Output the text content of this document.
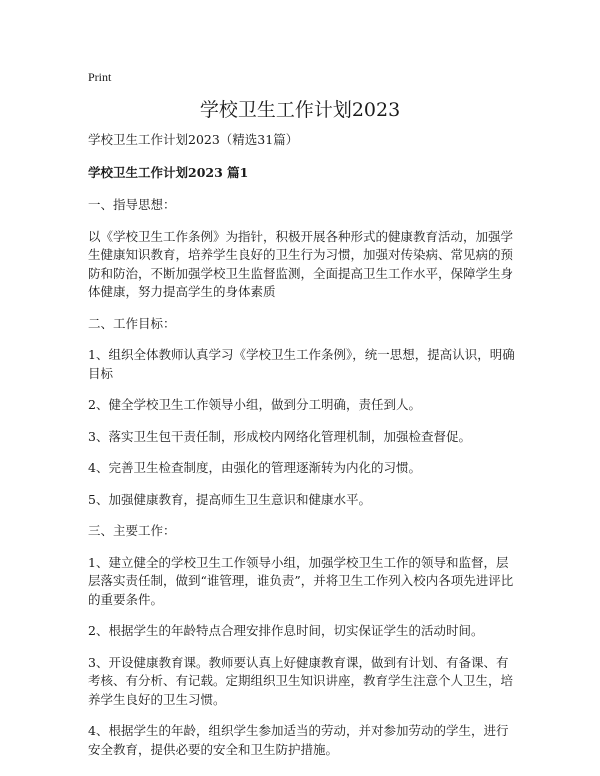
Print
学校卫生工作计划2023
学校卫生工作计划2023（精选31篇）
学校卫生工作计划2023 篇1
一、指导思想：
以《学校卫生工作条例》为指针，积极开展各种形式的健康教育活动，加强学生健康知识教育，培养学生良好的卫生行为习惯，加强对传染病、常见病的预防和防治，不断加强学校卫生监督监测，全面提高卫生工作水平，保障学生身体健康，努力提高学生的身体素质
二、工作目标：
1、组织全体教师认真学习《学校卫生工作条例》，统一思想，提高认识，明确目标
2、健全学校卫生工作领导小组，做到分工明确，责任到人。
3、落实卫生包干责任制，形成校内网络化管理机制，加强检查督促。
4、完善卫生检查制度，由强化的管理逐渐转为内化的习惯。
5、加强健康教育，提高师生卫生意识和健康水平。
三、主要工作：
1、建立健全的学校卫生工作领导小组，加强学校卫生工作的领导和监督，层层落实责任制，做到“谁管理，谁负责”，并将卫生工作列入校内各项先进评比的重要条件。
2、根据学生的年龄特点合理安排作息时间，切实保证学生的活动时间。
3、开设健康教育课。教师要认真上好健康教育课，做到有计划、有备课、有考核、有分析、有记载。定期组织卫生知识讲座，教育学生注意个人卫生，培养学生良好的卫生习惯。
4、根据学生的年龄，组织学生参加适当的劳动，并对参加劳动的学生，进行安全教育，提供必要的安全和卫生防护措施。
